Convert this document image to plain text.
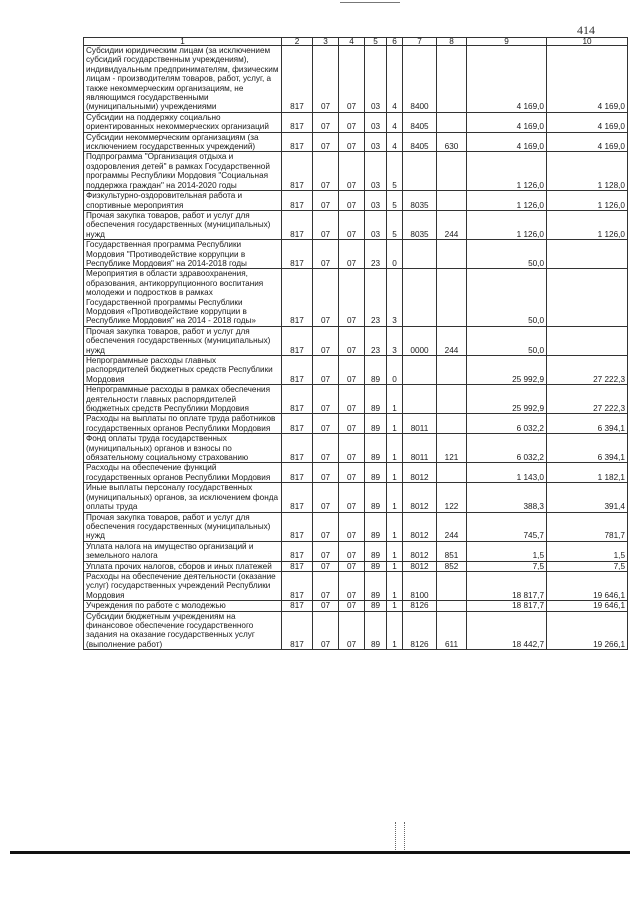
414
1	2	3	4	5	6	7	8	9	10
Субсидии юридическим лицам (за исключением субсидий государственным учреждениям), индивидуальным предпринимателям, физическим лицам - производителям товаров, работ, услуг, а также некоммерческим организациям, не являющимся государственными (муниципальными) учреждениями	817	07	07	03	4	8400		4 169,0	4 169,0
Субсидии на поддержку социально ориентированных некоммерческих организаций	817	07	07	03	4	8405		4 169,0	4 169,0
Субсидии некоммерческим организациям (за исключением государственных учреждений)	817	07	07	03	4	8405	630	4 169,0	4 169,0
Подпрограмма "Организация отдыха и оздоровления детей" в рамках Государственной программы Республики Мордовия "Социальная поддержка граждан" на 2014-2020 годы	817	07	07	03	5			1 126,0	1 128,0
Физкультурно-оздоровительная работа и спортивные мероприятия	817	07	07	03	5	8035		1 126,0	1 126,0
Прочая закупка товаров, работ и услуг для обеспечения государственных (муниципальных) нужд	817	07	07	03	5	8035	244	1 126,0	1 126,0
Государственная программа Республики Мордовия "Противодействие коррупции в Республике Мордовия" на 2014-2018 годы	817	07	07	23	0			50,0	
Мероприятия в области здравоохранения, образования, антикоррупционного воспитания молодежи и подростков в рамках Государственной программы Республики Мордовия «Противодействие коррупции в Республике Мордовия" на 2014 - 2018 годы»	817	07	07	23	3			50,0	
Прочая закупка товаров, работ и услуг для обеспечения государственных (муниципальных) нужд	817	07	07	23	3	0000	244	50,0	
Непрограммные расходы главных распорядителей бюджетных средств Республики Мордовия	817	07	07	89	0			25 992,9	27 222,3
Непрограммные расходы в рамках обеспечения деятельности главных распорядителей бюджетных средств Республики Мордовия	817	07	07	89	1			25 992,9	27 222,3
Расходы на выплаты по оплате труда работников государственных органов Республики Мордовия	817	07	07	89	1	8011		6 032,2	6 394,1
Фонд оплаты труда государственных (муниципальных) органов и взносы по обязательному социальному страхованию	817	07	07	89	1	8011	121	6 032,2	6 394,1
Расходы на обеспечение функций государственных органов Республики Мордовия	817	07	07	89	1	8012		1 143,0	1 182,1
Иные выплаты персоналу государственных (муниципальных) органов, за исключением фонда оплаты труда	817	07	07	89	1	8012	122	388,3	391,4
Прочая закупка товаров, работ и услуг для обеспечения государственных (муниципальных) нужд	817	07	07	89	1	8012	244	745,7	781,7
Уплата налога на имущество организаций и земельного налога	817	07	07	89	1	8012	851	1,5	1,5
Уплата прочих налогов, сборов и иных платежей	817	07	07	89	1	8012	852	7,5	7,5
Расходы на обеспечение деятельности (оказание услуг) государственных учреждений Республики Мордовия	817	07	07	89	1	8100		18 817,7	19 646,1
Учреждения по работе с молодежью	817	07	07	89	1	8126		18 817,7	19 646,1
Субсидии бюджетным учреждениям на финансовое обеспечение государственного задания на оказание государственных услуг (выполнение работ)	817	07	07	89	1	8126	611	18 442,7	19 266,1
